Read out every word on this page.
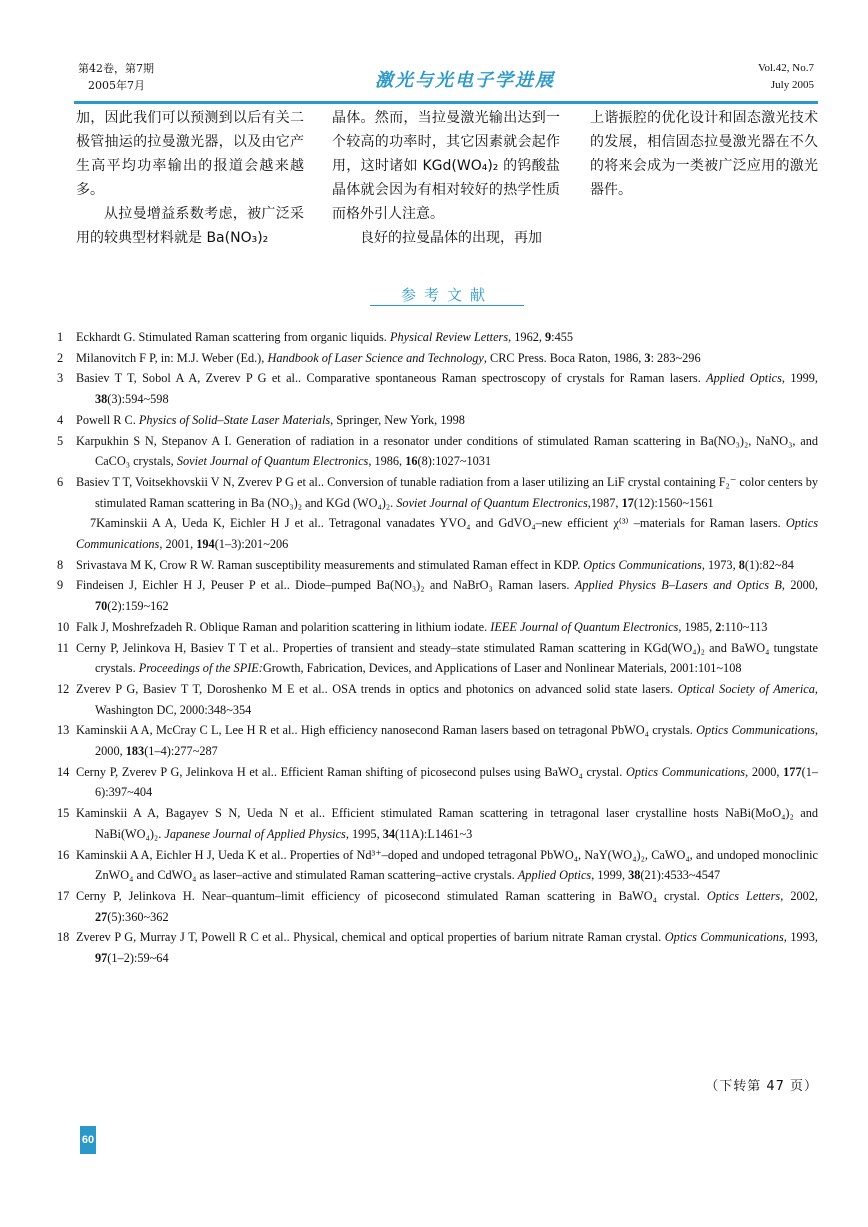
第42卷，第7期
2005年7月	激光与光电子学进展
Vol.42, No.7
July 2005

加，因此我们可以预测到以后有关二极管抽运的拉曼激光器，以及由它产生高平均功率输出的报道会越来越多。

从拉曼增益系数考虑，被广泛采用的较典型材料就是 Ba(NO₃)₂

晶体。然而，当拉曼激光输出达到一个较高的功率时，其它因素就会起作用，这时诸如 KGd(WO₄)₂ 的钨酸盐晶体就会因为有相对较好的热学性质而格外引人注意。

良好的拉曼晶体的出现，再加

上谐振腔的优化设计和固态激光技术的发展，相信固态拉曼激光器在不久的将来会成为一类被广泛应用的激光器件。

参考文献
1Eckhardt G. Stimulated Raman scattering from organic liquids. Physical Review Letters, 1962, 9:455
2Milanovitch F P, in: M.J. Weber (Ed.), Handbook of Laser Science and Technology, CRC Press. Boca Raton, 1986, 3: 283~296
3Basiev T T, Sobol A A, Zverev P G et al.. Comparative spontaneous Raman spectroscopy of crystals for Raman lasers. Applied Optics, 1999, 38(3):594~598
4Powell R C. Physics of Solid–State Laser Materials, Springer, New York, 1998
5Karpukhin S N, Stepanov A I. Generation of radiation in a resonator under conditions of stimulated Raman scattering in Ba(NO₃)₂, NaNO₃, and CaCO₃ crystals, Soviet Journal of Quantum Electronics, 1986, 16(8):1027~1031
6Basiev T T, Voitsekhovskii V N, Zverev P G et al.. Conversion of tunable radiation from a laser utilizing an LiF crystal containing F₂⁻ color centers by stimulated Raman scattering in Ba (NO₃)₂ and KGd (WO₄)₂. Soviet Journal of Quantum Electronics,1987, 17(12):1560~1561
7Kaminskii A A, Ueda K, Eichler H J et al.. Tetragonal vanadates YVO₄ and GdVO₄–new efficient χ⁽³⁾ –materials for Raman lasers. Optics Communications, 2001, 194(1–3):201~206
8Srivastava M K, Crow R W. Raman susceptibility measurements and stimulated Raman effect in KDP. Optics Communications, 1973, 8(1):82~84
9Findeisen J, Eichler H J, Peuser P et al.. Diode–pumped Ba(NO₃)₂ and NaBrO₃ Raman lasers. Applied Physics B–Lasers and Optics B, 2000, 70(2):159~162
10Falk J, Moshrefzadeh R. Oblique Raman and polarition scattering in lithium iodate. IEEE Journal of Quantum Electronics, 1985, 2:110~113
11Cerny P, Jelinkova H, Basiev T T et al.. Properties of transient and steady–state stimulated Raman scattering in KGd(WO₄)₂ and BaWO₄ tungstate crystals. Proceedings of the SPIE:Growth, Fabrication, Devices, and Applications of Laser and Nonlinear Materials, 2001:101~108
12Zverev P G, Basiev T T, Doroshenko M E et al.. OSA trends in optics and photonics on advanced solid state lasers. Optical Society of America, Washington DC, 2000:348~354
13Kaminskii A A, McCray C L, Lee H R et al.. High efficiency nanosecond Raman lasers based on tetragonal PbWO₄ crystals. Optics Communications, 2000, 183(1–4):277~287
14Cerny P, Zverev P G, Jelinkova H et al.. Efficient Raman shifting of picosecond pulses using BaWO₄ crystal. Optics Communications, 2000, 177(1–6):397~404
15Kaminskii A A, Bagayev S N, Ueda N et al.. Efficient stimulated Raman scattering in tetragonal laser crystalline hosts NaBi(MoO₄)₂ and NaBi(WO₄)₂. Japanese Journal of Applied Physics, 1995, 34(11A):L1461~3
16Kaminskii A A, Eichler H J, Ueda K et al.. Properties of Nd³⁺–doped and undoped tetragonal PbWO₄, NaY(WO₄)₂, CaWO₄, and undoped monoclinic ZnWO₄ and CdWO₄ as laser–active and stimulated Raman scattering–active crystals. Applied Optics, 1999, 38(21):4533~4547
17Cerny P, Jelinkova H. Near–quantum–limit efficiency of picosecond stimulated Raman scattering in BaWO₄ crystal. Optics Letters, 2002, 27(5):360~362
18Zverev P G, Murray J T, Powell R C et al.. Physical, chemical and optical properties of barium nitrate Raman crystal. Optics Communications, 1993, 97(1–2):59~64
（下转第 47 页）
60
